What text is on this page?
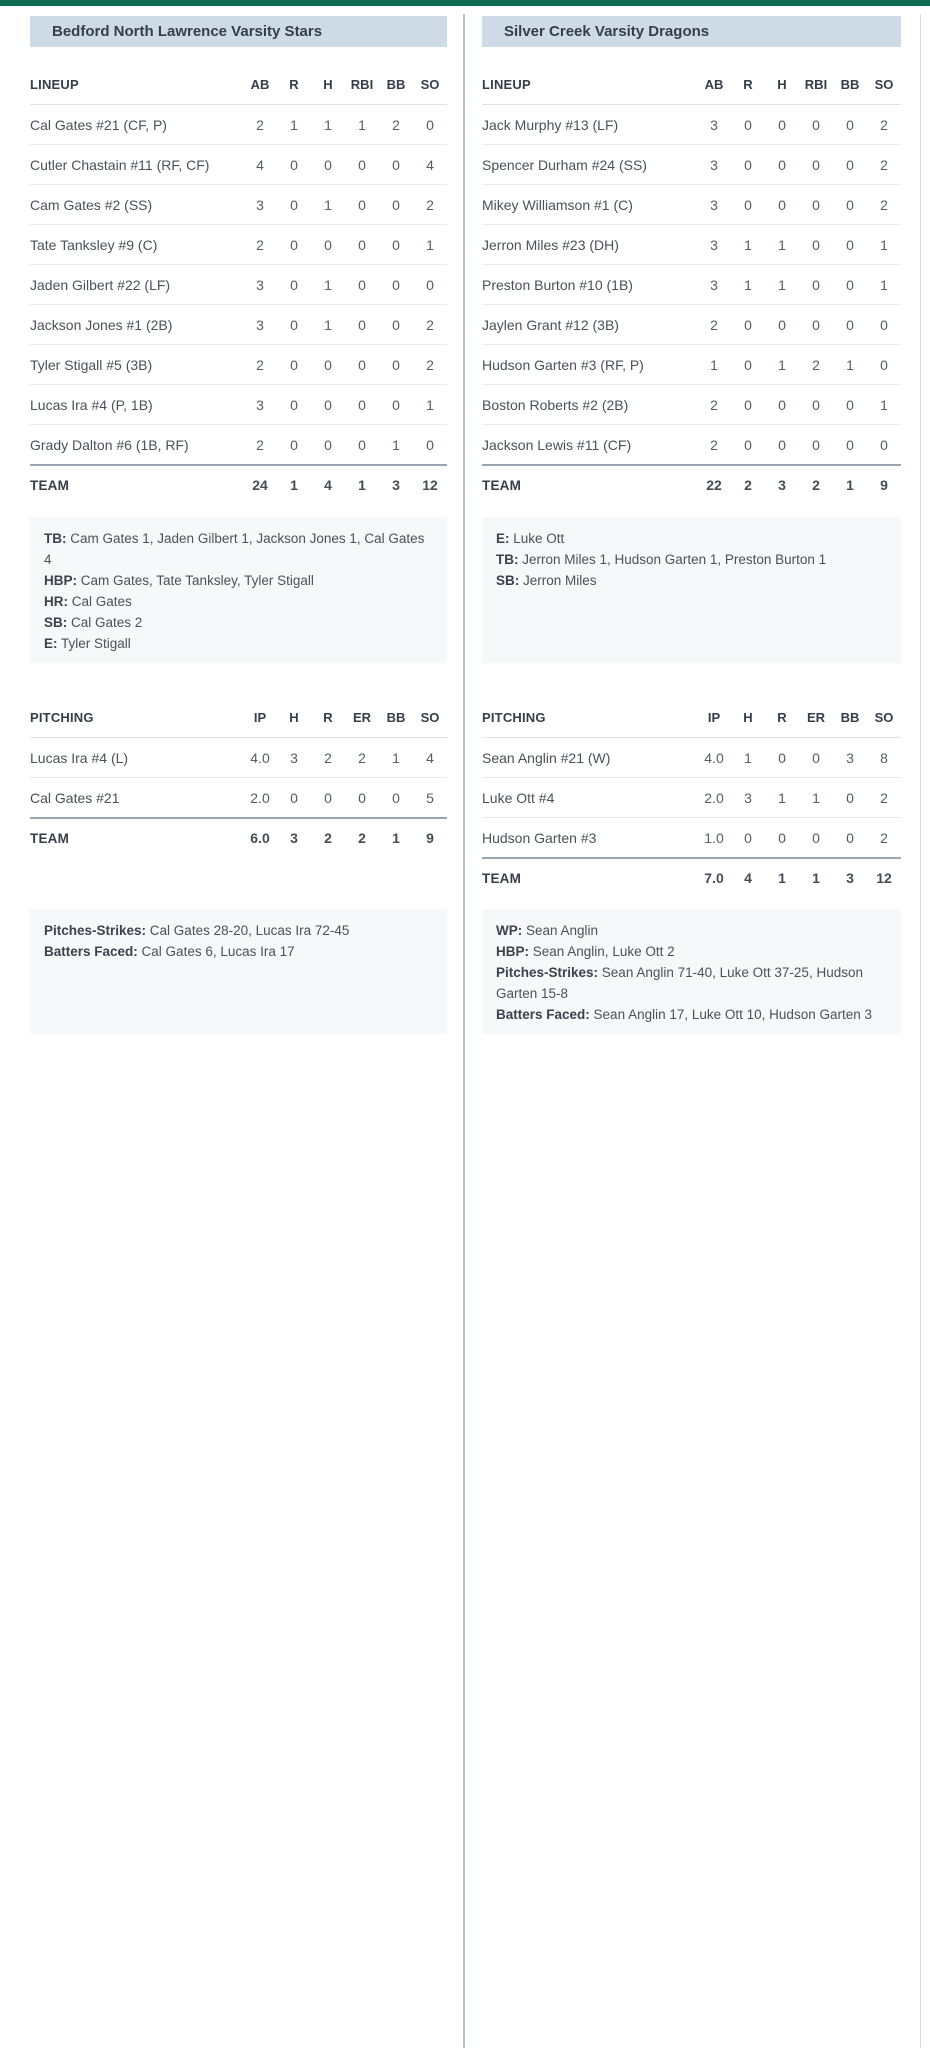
Bedford North Lawrence Varsity Stars	Silver Creek Varsity Dragons
LINEUP	AB	R	H	RBI	BB	SO
Cal Gates #21 (CF, P)	2	1	1	1	2	0
Cutler Chastain #11 (RF, CF)	4	0	0	0	0	4
Cam Gates #2 (SS)	3	0	1	0	0	2
Tate Tanksley #9 (C)	2	0	0	0	0	1
Jaden Gilbert #22 (LF)	3	0	1	0	0	0
Jackson Jones #1 (2B)	3	0	1	0	0	2
Tyler Stigall #5 (3B)	2	0	0	0	0	2
Lucas Ira #4 (P, 1B)	3	0	0	0	0	1
Grady Dalton #6 (1B, RF)	2	0	0	0	1	0
TEAM	24	1	4	1	3	12
LINEUP	AB	R	H	RBI	BB	SO
Jack Murphy #13 (LF)	3	0	0	0	0	2
Spencer Durham #24 (SS)	3	0	0	0	0	2
Mikey Williamson #1 (C)	3	0	0	0	0	2
Jerron Miles #23 (DH)	3	1	1	0	0	1
Preston Burton #10 (1B)	3	1	1	0	0	1
Jaylen Grant #12 (3B)	2	0	0	0	0	0
Hudson Garten #3 (RF, P)	1	0	1	2	1	0
Boston Roberts #2 (2B)	2	0	0	0	0	1
Jackson Lewis #11 (CF)	2	0	0	0	0	0
TEAM	22	2	3	2	1	9
TB: Cam Gates 1, Jaden Gilbert 1, Jackson Jones 1, Cal Gates 4
HBP: Cam Gates, Tate Tanksley, Tyler Stigall
HR: Cal Gates
SB: Cal Gates 2
E: Tyler Stigall
E: Luke Ott
TB: Jerron Miles 1, Hudson Garten 1, Preston Burton 1
SB: Jerron Miles
PITCHING	IP	H	R	ER	BB	SO
Lucas Ira #4 (L)	4.0	3	2	2	1	4
Cal Gates #21	2.0	0	0	0	0	5
TEAM	6.0	3	2	2	1	9
PITCHING	IP	H	R	ER	BB	SO
Sean Anglin #21 (W)	4.0	1	0	0	3	8
Luke Ott #4	2.0	3	1	1	0	2
Hudson Garten #3	1.0	0	0	0	0	2
TEAM	7.0	4	1	1	3	12
Pitches-Strikes: Cal Gates 28-20, Lucas Ira 72-45
Batters Faced: Cal Gates 6, Lucas Ira 17
WP: Sean Anglin
HBP: Sean Anglin, Luke Ott 2
Pitches-Strikes: Sean Anglin 71-40, Luke Ott 37-25, Hudson Garten 15-8
Batters Faced: Sean Anglin 17, Luke Ott 10, Hudson Garten 3
